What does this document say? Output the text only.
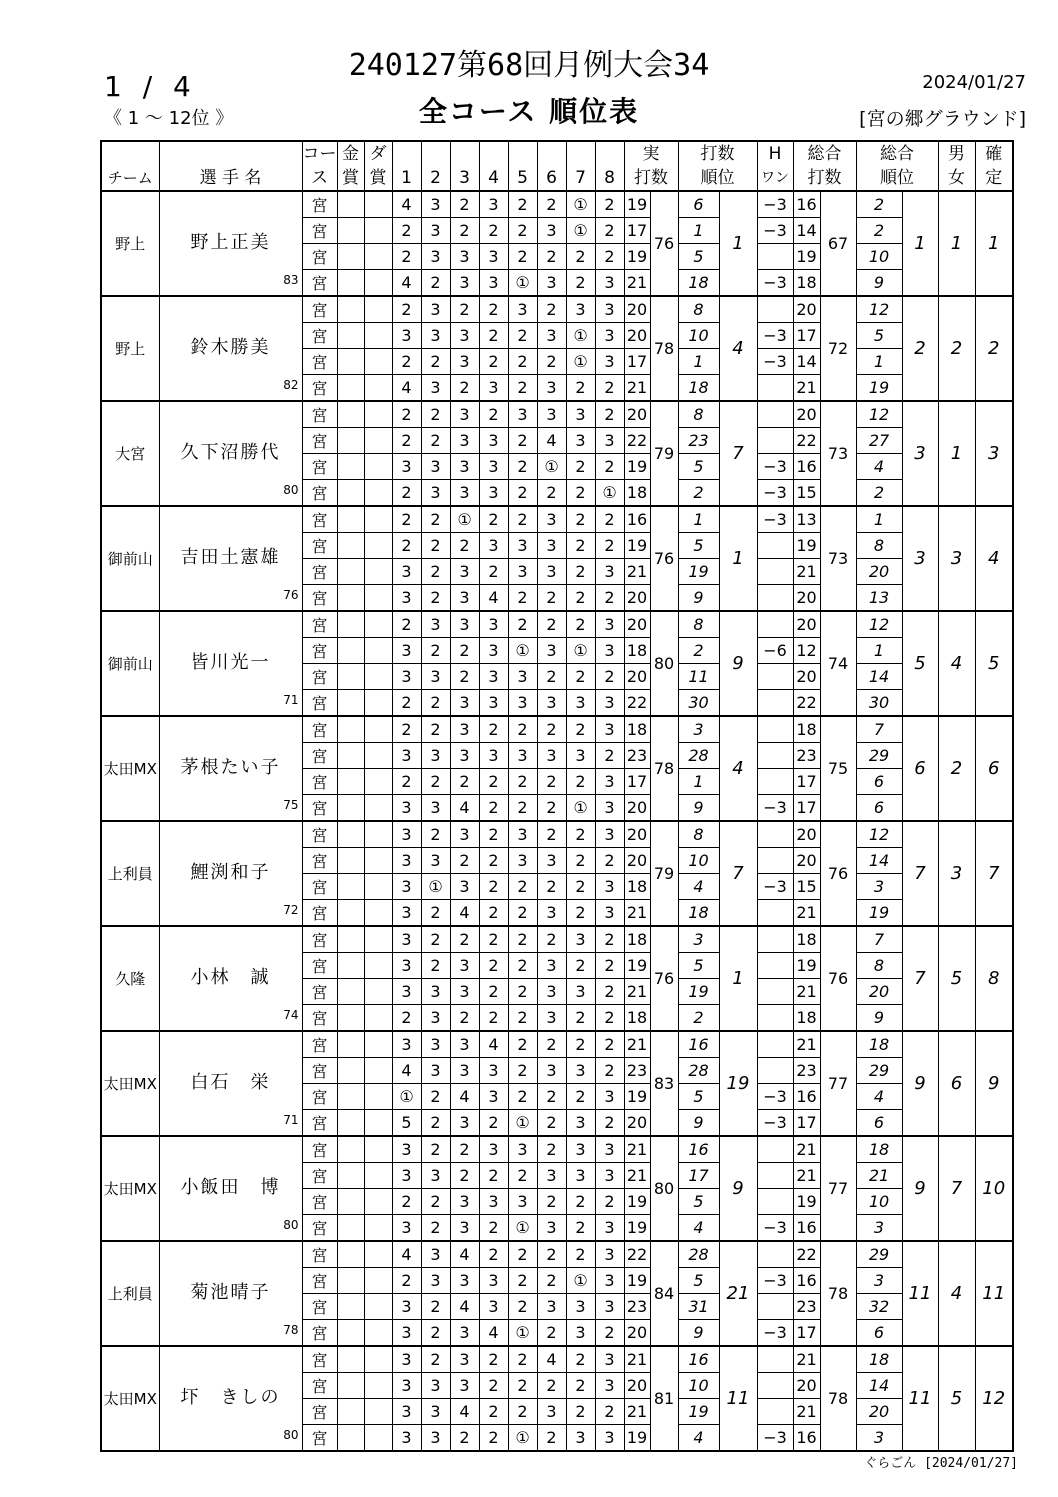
240127第68回月例大会34
1 / 4
《 1 ～ 12位 》	全コース 順位表
2024/01/27
[宮の郷グラウンド]
		コー	金	ダ									実		打数		H	総合		総合		男	確
チーム	選 手 名	ス	賞	賞	1	2	3	4	5	6	7	8	打数		順位		ワン	打数		順位		女	定
野上	野上正美
83	宮			4	3	2	3	2	2	①	2	19	76	6	1	−3	16	67	2	1	1	1
		宮			2	3	2	2	2	3	①	2	17		1		−3	14		2			
		宮			2	3	3	3	2	2	2	2	19		5			19		10			
		宮			4	2	3	3	①	3	2	3	21		18		−3	18		9			
野上	鈴木勝美
82	宮			2	3	2	2	3	2	3	3	20	78	8	4		20	72	12	2	2	2
		宮			3	3	3	2	2	3	①	3	20		10		−3	17		5			
		宮			2	2	3	2	2	2	①	3	17		1		−3	14		1			
		宮			4	3	2	3	2	3	2	2	21		18			21		19			
大宮	久下沼勝代
80	宮			2	2	3	2	3	3	3	2	20	79	8	7		20	73	12	3	1	3
		宮			2	2	3	3	2	4	3	3	22		23			22		27			
		宮			3	3	3	3	2	①	2	2	19		5		−3	16		4			
		宮			2	3	3	3	2	2	2	①	18		2		−3	15		2			
御前山	吉田土憲雄
76	宮			2	2	①	2	2	3	2	2	16	76	1	1	−3	13	73	1	3	3	4
		宮			2	2	2	3	3	3	2	2	19		5			19		8			
		宮			3	2	3	2	3	3	2	3	21		19			21		20			
		宮			3	2	3	4	2	2	2	2	20		9			20		13			
御前山	皆川光一
71	宮			2	3	3	3	2	2	2	3	20	80	8	9		20	74	12	5	4	5
		宮			3	2	2	3	①	3	①	3	18		2		−6	12		1			
		宮			3	3	2	3	3	2	2	2	20		11			20		14			
		宮			2	2	3	3	3	3	3	3	22		30			22		30			
太田MX	茅根たい子
75	宮			2	2	3	2	2	2	2	3	18	78	3	4		18	75	7	6	2	6
		宮			3	3	3	3	3	3	3	2	23		28			23		29			
		宮			2	2	2	2	2	2	2	3	17		1			17		6			
		宮			3	3	4	2	2	2	①	3	20		9		−3	17		6			
上利員	鯉渕和子
72	宮			3	2	3	2	3	2	2	3	20	79	8	7		20	76	12	7	3	7
		宮			3	3	2	2	3	3	2	2	20		10			20		14			
		宮			3	①	3	2	2	2	2	3	18		4		−3	15		3			
		宮			3	2	4	2	2	3	2	3	21		18			21		19			
久隆	小林　誠
74	宮			3	2	2	2	2	2	3	2	18	76	3	1		18	76	7	7	5	8
		宮			3	2	3	2	2	3	2	2	19		5			19		8			
		宮			3	3	3	2	2	3	3	2	21		19			21		20			
		宮			2	3	2	2	2	3	2	2	18		2			18		9			
太田MX	白石　栄
71	宮			3	3	3	4	2	2	2	2	21	83	16	19		21	77	18	9	6	9
		宮			4	3	3	3	2	3	3	2	23		28			23		29			
		宮			①	2	4	3	2	2	2	3	19		5		−3	16		4			
		宮			5	2	3	2	①	2	3	2	20		9		−3	17		6			
太田MX	小飯田　博
80	宮			3	2	2	3	3	2	3	3	21	80	16	9		21	77	18	9	7	10
		宮			3	3	2	2	2	3	3	3	21		17			21		21			
		宮			2	2	3	3	3	2	2	2	19		5			19		10			
		宮			3	2	3	2	①	3	2	3	19		4		−3	16		3			
上利員	菊池晴子
78	宮			4	3	4	2	2	2	2	3	22	84	28	21		22	78	29	11	4	11
		宮			2	3	3	3	2	2	①	3	19		5		−3	16		3			
		宮			3	2	4	3	2	3	3	3	23		31			23		32			
		宮			3	2	3	4	①	2	3	2	20		9		−3	17		6			
太田MX	圷　きしの
80	宮			3	2	3	2	2	4	2	3	21	81	16	11		21	78	18	11	5	12
		宮			3	3	3	2	2	2	2	3	20		10			20		14			
		宮			3	3	4	2	2	3	2	2	21		19			21		20			
		宮			3	3	2	2	①	2	3	3	19		4		−3	16		3			
ぐらごん [2024/01/27]
